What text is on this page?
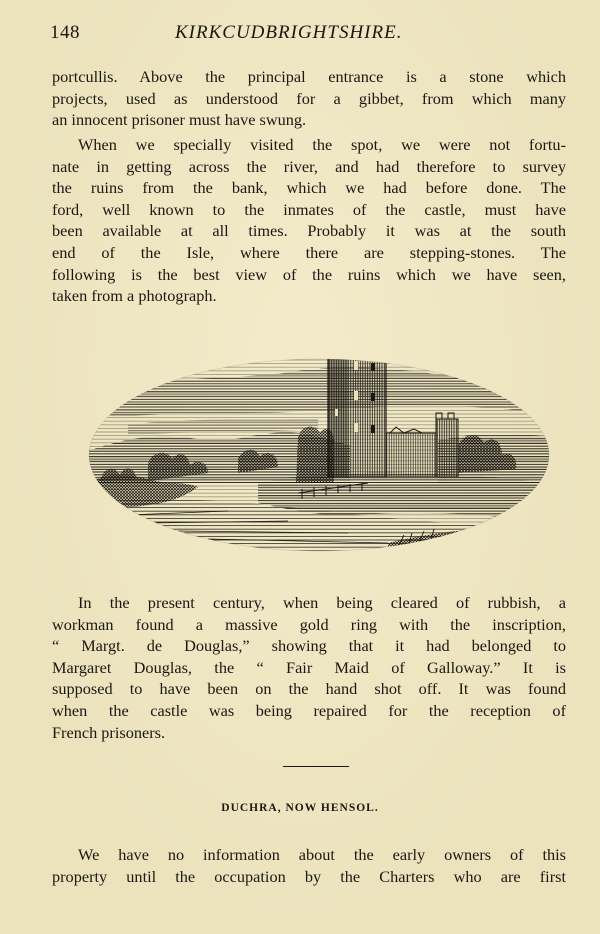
148	KIRKCUDBRIGHTSHIRE.
portcullis. Above the principal entrance is a stone which
projects, used as understood for a gibbet, from which many
an innocent prisoner must have swung.
When we specially visited the spot, we were not fortu-
nate in getting across the river, and had therefore to survey
the ruins from the bank, which we had before done. The
ford, well known to the inmates of the castle, must have
been available at all times. Probably it was at the south
end of the Isle, where there are stepping-stones. The
following is the best view of the ruins which we have seen,
taken from a photograph.
In the present century, when being cleared of rubbish, a
workman found a massive gold ring with the inscription,
“ Margt. de Douglas,” showing that it had belonged to
Margaret Douglas, the “ Fair Maid of Galloway.” It is
supposed to have been on the hand shot off. It was found
when the castle was being repaired for the reception of
French prisoners.
DUCHRA, NOW HENSOL.
We have no information about the early owners of this
property until the occupation by the Charters who are first
